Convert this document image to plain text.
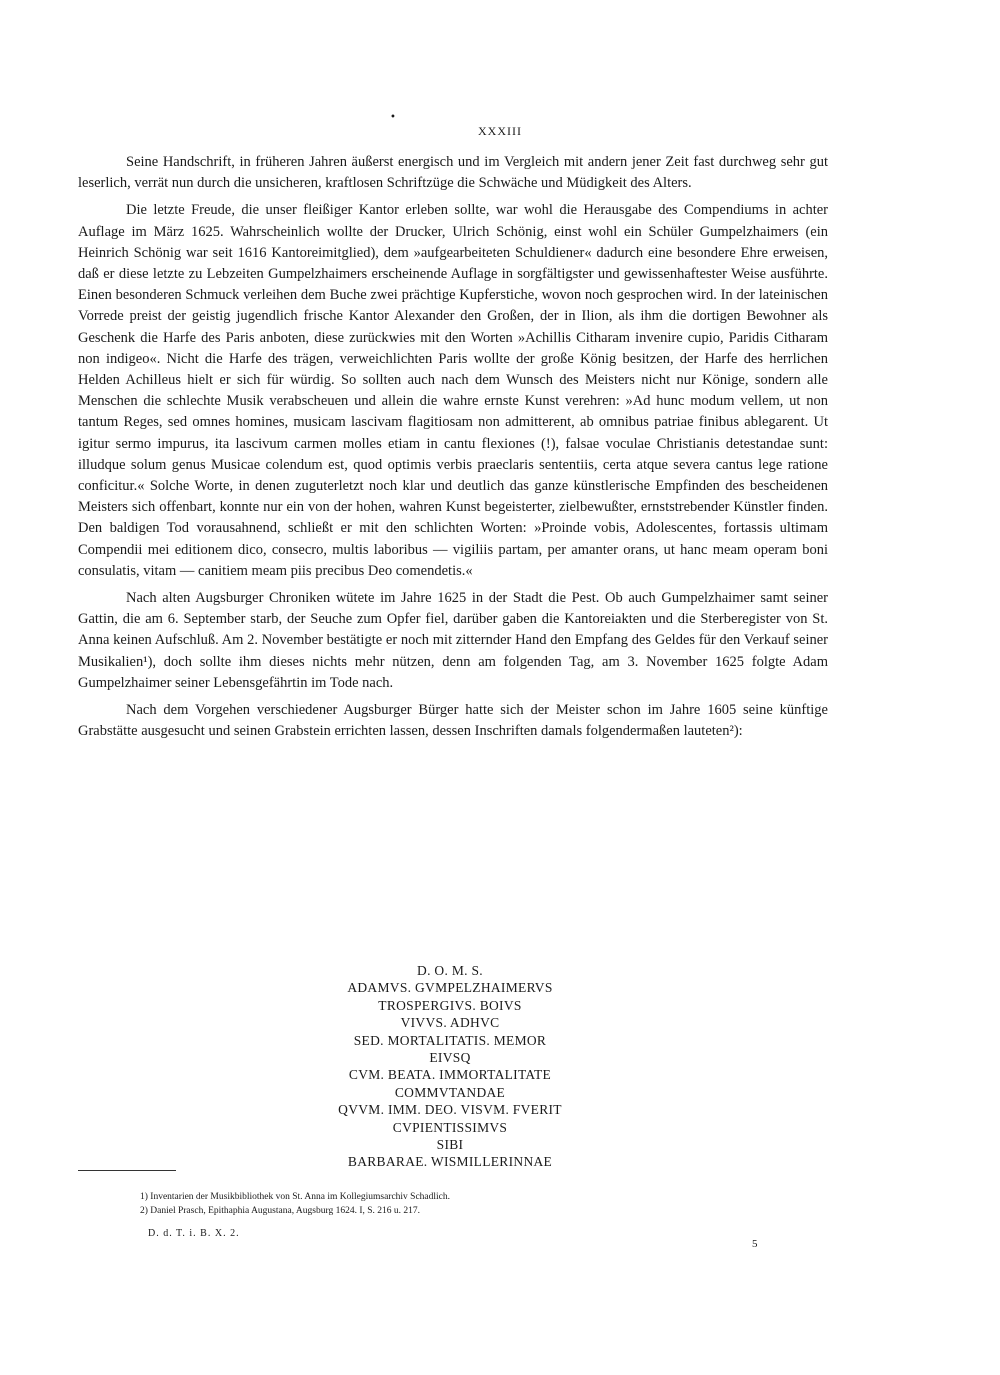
•
XXXIII

Seine Handschrift, in früheren Jahren äußerst energisch und im Vergleich mit andern jener Zeit fast durchweg sehr gut leserlich, verrät nun durch die unsicheren, kraftlosen Schriftzüge die Schwäche und Müdigkeit des Alters.

Die letzte Freude, die unser fleißiger Kantor erleben sollte, war wohl die Herausgabe des Compendiums in achter Auflage im März 1625. Wahrscheinlich wollte der Drucker, Ulrich Schönig, einst wohl ein Schüler Gumpelzhaimers (ein Heinrich Schönig war seit 1616 Kantoreimitglied), dem »aufgearbeiteten Schuldiener« dadurch eine besondere Ehre erweisen, daß er diese letzte zu Lebzeiten Gumpelzhaimers erscheinende Auflage in sorgfältigster und gewissenhaftester Weise ausführte. Einen besonderen Schmuck verleihen dem Buche zwei prächtige Kupferstiche, wovon noch gesprochen wird. In der lateinischen Vorrede preist der geistig jugendlich frische Kantor Alexander den Großen, der in Ilion, als ihm die dortigen Bewohner als Geschenk die Harfe des Paris anboten, diese zurückwies mit den Worten »Achillis Citharam invenire cupio, Paridis Citharam non indigeo«. Nicht die Harfe des trägen, verweichlichten Paris wollte der große König besitzen, der Harfe des herrlichen Helden Achilleus hielt er sich für würdig. So sollten auch nach dem Wunsch des Meisters nicht nur Könige, sondern alle Menschen die schlechte Musik verabscheuen und allein die wahre ernste Kunst verehren: »Ad hunc modum vellem, ut non tantum Reges, sed omnes homines, musicam lascivam flagitiosam non admitterent, ab omnibus patriae finibus ablegarent. Ut igitur sermo impurus, ita lascivum carmen molles etiam in cantu flexiones (!), falsae voculae Christianis detestandae sunt: illudque solum genus Musicae colendum est, quod optimis verbis praeclaris sententiis, certa atque severa cantus lege ratione conficitur.« Solche Worte, in denen zuguterletzt noch klar und deutlich das ganze künstlerische Empfinden des bescheidenen Meisters sich offenbart, konnte nur ein von der hohen, wahren Kunst begeisterter, zielbewußter, ernststrebender Künstler finden. Den baldigen Tod vorausahnend, schließt er mit den schlichten Worten: »Proinde vobis, Adolescentes, fortassis ultimam Compendii mei editionem dico, consecro, multis laboribus — vigiliis partam, per amanter orans, ut hanc meam operam boni consulatis, vitam — canitiem meam piis precibus Deo comendetis.«

Nach alten Augsburger Chroniken wütete im Jahre 1625 in der Stadt die Pest. Ob auch Gumpelzhaimer samt seiner Gattin, die am 6. September starb, der Seuche zum Opfer fiel, darüber gaben die Kantoreiakten und die Sterberegister von St. Anna keinen Aufschluß. Am 2. November bestätigte er noch mit zitternder Hand den Empfang des Geldes für den Verkauf seiner Musikalien¹), doch sollte ihm dieses nichts mehr nützen, denn am folgenden Tag, am 3. November 1625 folgte Adam Gumpelzhaimer seiner Lebensgefährtin im Tode nach.

Nach dem Vorgehen verschiedener Augsburger Bürger hatte sich der Meister schon im Jahre 1605 seine künftige Grabstätte ausgesucht und seinen Grabstein errichten lassen, dessen Inschriften damals folgendermaßen lauteten²):

D. O. M. S.
ADAMVS. GVMPELZHAIMERVS
TROSPERGIVS. BOIVS
VIVVS. ADHVC
SED. MORTALITATIS. MEMOR
EIVSQ
CVM. BEATA. IMMORTALITATE
COMMVTANDAE
QVVM. IMM. DEO. VISVM. FVERIT
CVPIENTISSIMVS
SIBI
BARBARAE. WISMILLERINNAE
1) Inventarien der Musikbibliothek von St. Anna im Kollegiumsarchiv Schadlich.
2) Daniel Prasch, Epithaphia Augustana, Augsburg 1624. I, S. 216 u. 217.
D. d. T. i. B. X. 2.
5
